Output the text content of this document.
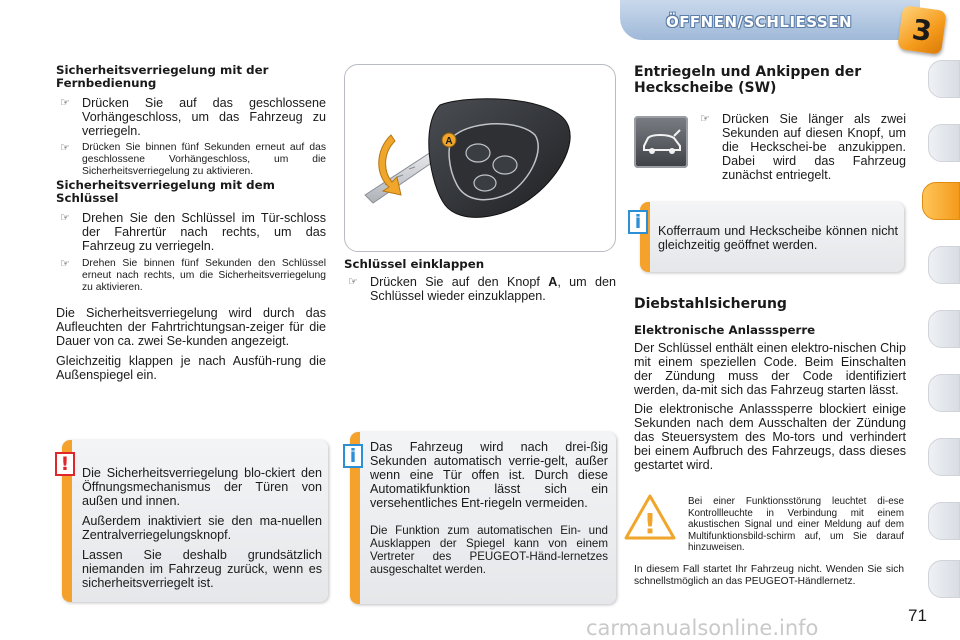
ÖFFNEN/SCHLIESSEN 3
Sicherheitsverriegelung mit der Fernbedienung
☞ Drücken Sie auf das geschlossene Vorhängeschloss, um das Fahrzeug zu verriegeln.
☞ Drücken Sie binnen fünf Sekunden erneut auf das geschlossene Vorhängeschloss, um die Sicherheitsverriegelung zu aktivieren.
Sicherheitsverriegelung mit dem Schlüssel
☞ Drehen Sie den Schlüssel im Tür-schloss der Fahrertür nach rechts, um das Fahrzeug zu verriegeln.
☞ Drehen Sie binnen fünf Sekunden den Schlüssel erneut nach rechts, um die Sicherheitsverriegelung zu aktivieren.

Die Sicherheitsverriegelung wird durch das Aufleuchten der Fahrtrichtungsan-zeiger für die Dauer von ca. zwei Se-kunden angezeigt.

Gleichzeitig klappen je nach Ausfüh-rung die Außenspiegel ein.

A
Schlüssel einklappen
☞ Drücken Sie auf den Knopf A, um den Schlüssel wieder einzuklappen.

Die Sicherheitsverriegelung blo-ckiert den Öffnungsmechanismus der Türen von außen und innen.

Außerdem inaktiviert sie den ma-nuellen Zentralverriegelungsknopf.

Lassen Sie deshalb grundsätzlich niemanden im Fahrzeug zurück, wenn es sicherheitsverriegelt ist.

!

Das Fahrzeug wird nach drei-ßig Sekunden automatisch verrie-gelt, außer wenn eine Tür offen ist. Durch diese Automatikfunktion lässt sich ein versehentliches Ent-riegeln vermeiden.

Die Funktion zum automatischen Ein- und Ausklappen der Spiegel kann von einem Vertreter des PEUGEOT-Händ-lernetzes ausgeschaltet werden.

i
Entriegeln und Ankippen der Heckscheibe (SW)
☞ Drücken Sie länger als zwei Sekunden auf diesen Knopf, um die Heckschei-be anzukippen. Dabei wird das Fahrzeug zunächst entriegelt.
Kofferraum und Heckscheibe können nicht gleichzeitig geöffnet werden.
i
Diebstahlsicherung
Elektronische Anlasssperre

Der Schlüssel enthält einen elektro-nischen Chip mit einem speziellen Code. Beim Einschalten der Zündung muss der Code identifiziert werden, da-mit sich das Fahrzeug starten lässt.

Die elektronische Anlasssperre blockiert einige Sekunden nach dem Ausschalten der Zündung das Steuersystem des Mo-tors und verhindert bei einem Aufbruch des Fahrzeugs, dass dieses gestartet wird.

!
Bei einer Funktionsstörung leuchtet di-ese Kontrollleuchte in Verbindung mit einem akustischen Signal und einer Meldung auf dem Multifunktionsbild-schirm auf, um Sie darauf hinzuweisen.
In diesem Fall startet Ihr Fahrzeug nicht. Wenden Sie sich schnellstmöglich an das PEUGEOT-Händlernetz.
71
carmanualsonline.info
